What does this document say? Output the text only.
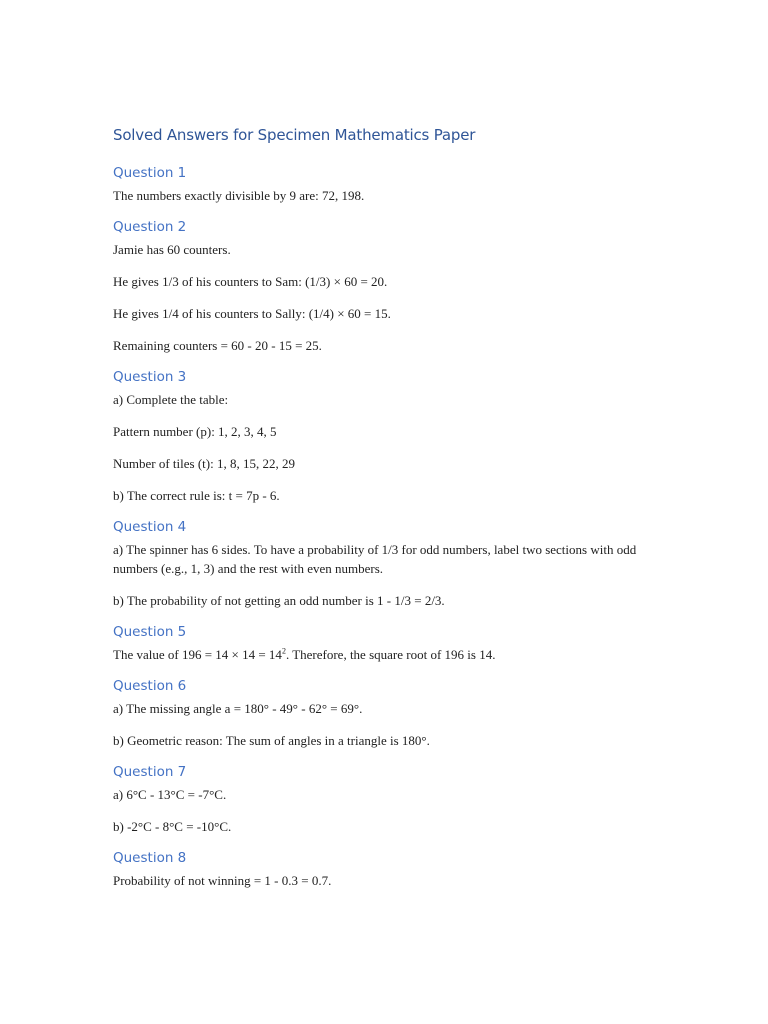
Solved Answers for Specimen Mathematics Paper
Question 1

The numbers exactly divisible by 9 are: 72, 198.

Question 2

Jamie has 60 counters.

He gives 1/3 of his counters to Sam: (1/3) × 60 = 20.

He gives 1/4 of his counters to Sally: (1/4) × 60 = 15.

Remaining counters = 60 - 20 - 15 = 25.

Question 3

a) Complete the table:

Pattern number (p): 1, 2, 3, 4, 5

Number of tiles (t): 1, 8, 15, 22, 29

b) The correct rule is: t = 7p - 6.

Question 4

a) The spinner has 6 sides. To have a probability of 1/3 for odd numbers, label two sections with odd numbers (e.g., 1, 3) and the rest with even numbers.

b) The probability of not getting an odd number is 1 - 1/3 = 2/3.

Question 5

The value of $196 = 14 \times 14 = 14^2$. Therefore, the square root of 196 is 14.

Question 6

a) The missing angle a = 180° - 49° - 62° = 69°.

b) Geometric reason: The sum of angles in a triangle is 180°.

Question 7

a) 6°C - 13°C = -7°C.

b) -2°C - 8°C = -10°C.

Question 8

Probability of not winning = 1 - 0.3 = 0.7.
